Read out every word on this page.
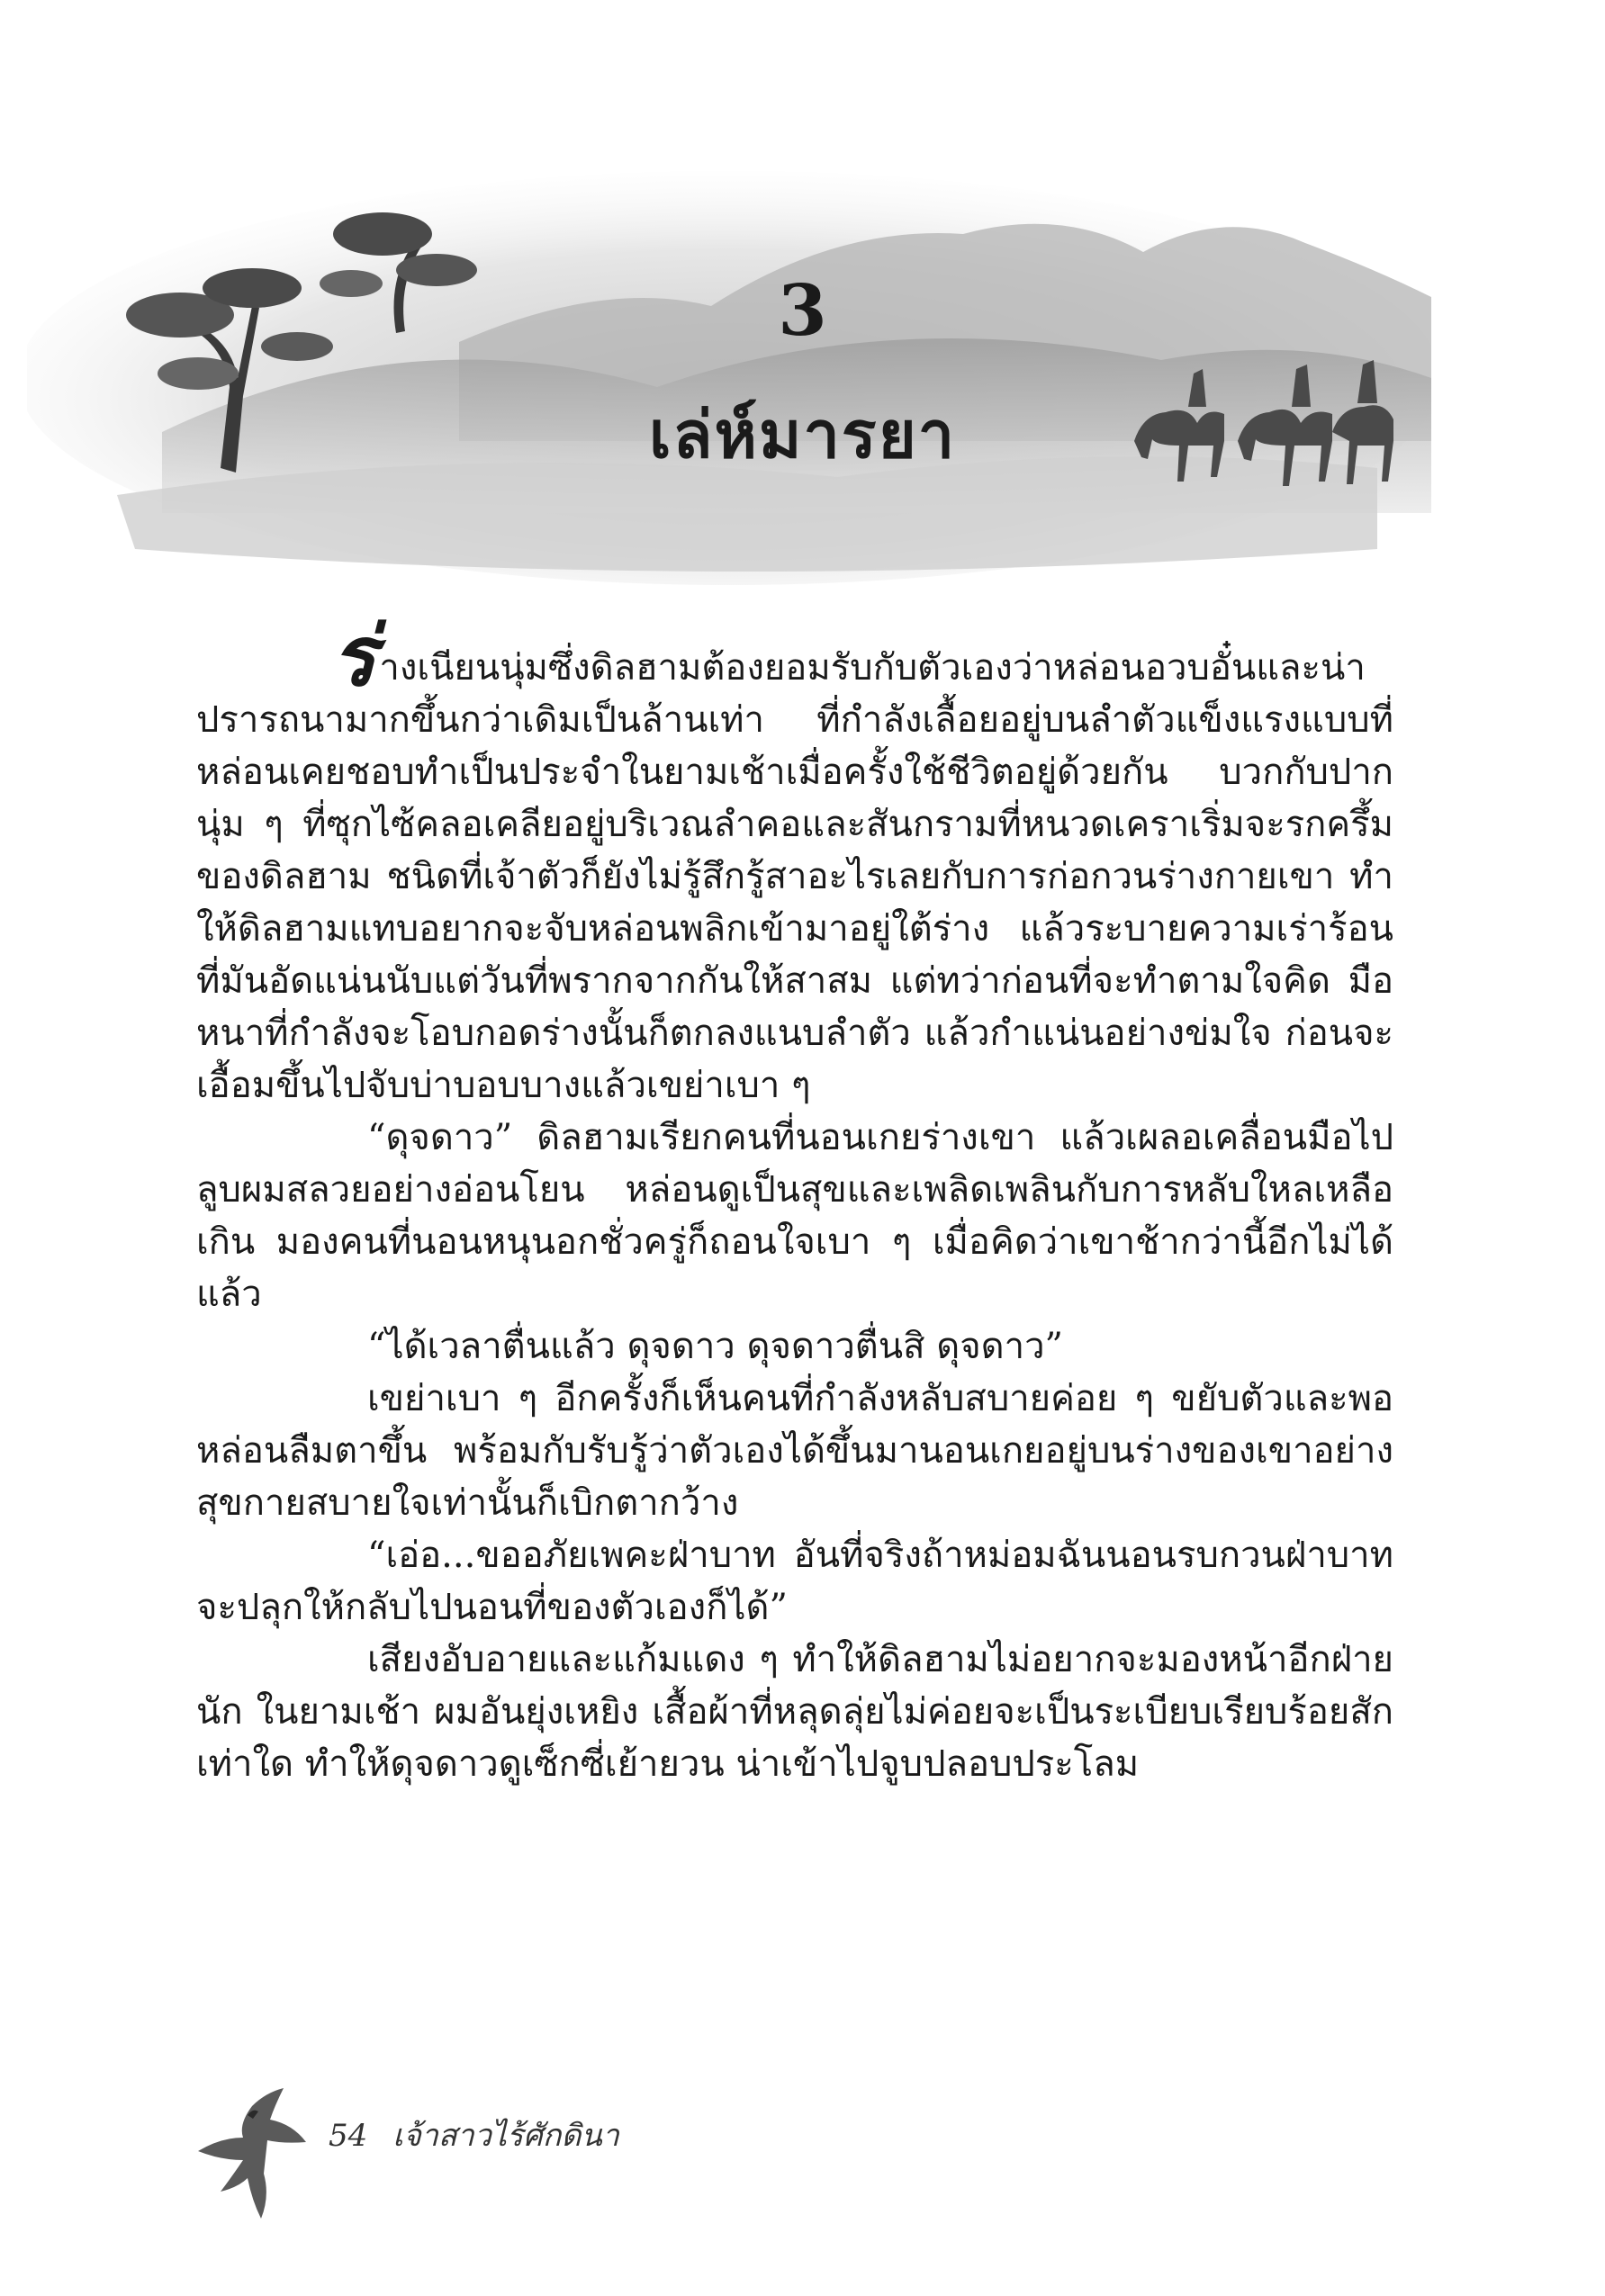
3
เล่ห์มารยา

ร่างเนียนนุ่มซึ่งดิลฮามต้องยอมรับกับตัวเองว่าหล่อนอวบอั๋นและน่าปรารถนามากขึ้นกว่าเดิมเป็นล้านเท่า ที่กำลังเลื้อยอยู่บนลำตัวแข็งแรงแบบที่หล่อนเคยชอบทำเป็นประจำในยามเช้าเมื่อครั้งใช้ชีวิตอยู่ด้วยกัน บวกกับปากนุ่ม ๆ ที่ซุกไซ้คลอเคลียอยู่บริเวณลำคอและสันกรามที่หนวดเคราเริ่มจะรกครึ้มของดิลฮาม ชนิดที่เจ้าตัวก็ยังไม่รู้สึกรู้สาอะไรเลยกับการก่อกวนร่างกายเขา ทำให้ดิลฮามแทบอยากจะจับหล่อนพลิกเข้ามาอยู่ใต้ร่าง แล้วระบายความเร่าร้อนที่มันอัดแน่นนับแต่วันที่พรากจากกันให้สาสม แต่ทว่าก่อนที่จะทำตามใจคิด มือหนาที่กำลังจะโอบกอดร่างนั้นก็ตกลงแนบลำตัว แล้วกำแน่นอย่างข่มใจ ก่อนจะเอื้อมขึ้นไปจับบ่าบอบบางแล้วเขย่าเบา ๆ

“ดุจดาว” ดิลฮามเรียกคนที่นอนเกยร่างเขา แล้วเผลอเคลื่อนมือไปลูบผมสลวยอย่างอ่อนโยน หล่อนดูเป็นสุขและเพลิดเพลินกับการหลับใหลเหลือเกิน มองคนที่นอนหนุนอกชั่วครู่ก็ถอนใจเบา ๆ เมื่อคิดว่าเขาช้ากว่านี้อีกไม่ได้แล้ว

“ได้เวลาตื่นแล้ว ดุจดาว ดุจดาวตื่นสิ ดุจดาว”

เขย่าเบา ๆ อีกครั้งก็เห็นคนที่กำลังหลับสบายค่อย ๆ ขยับตัวและพอหล่อนลืมตาขึ้น พร้อมกับรับรู้ว่าตัวเองได้ขึ้นมานอนเกยอยู่บนร่างของเขาอย่างสุขกายสบายใจเท่านั้นก็เบิกตากว้าง

“เอ่อ...ขออภัยเพคะฝ่าบาท อันที่จริงถ้าหม่อมฉันนอนรบกวนฝ่าบาทจะปลุกให้กลับไปนอนที่ของตัวเองก็ได้”

เสียงอับอายและแก้มแดง ๆ ทำให้ดิลฮามไม่อยากจะมองหน้าอีกฝ่ายนัก ในยามเช้า ผมอันยุ่งเหยิง เสื้อผ้าที่หลุดลุ่ยไม่ค่อยจะเป็นระเบียบเรียบร้อยสักเท่าใด ทำให้ดุจดาวดูเซ็กซี่เย้ายวน น่าเข้าไปจูบปลอบประโลม

54 เจ้าสาวไร้ศักดินา
